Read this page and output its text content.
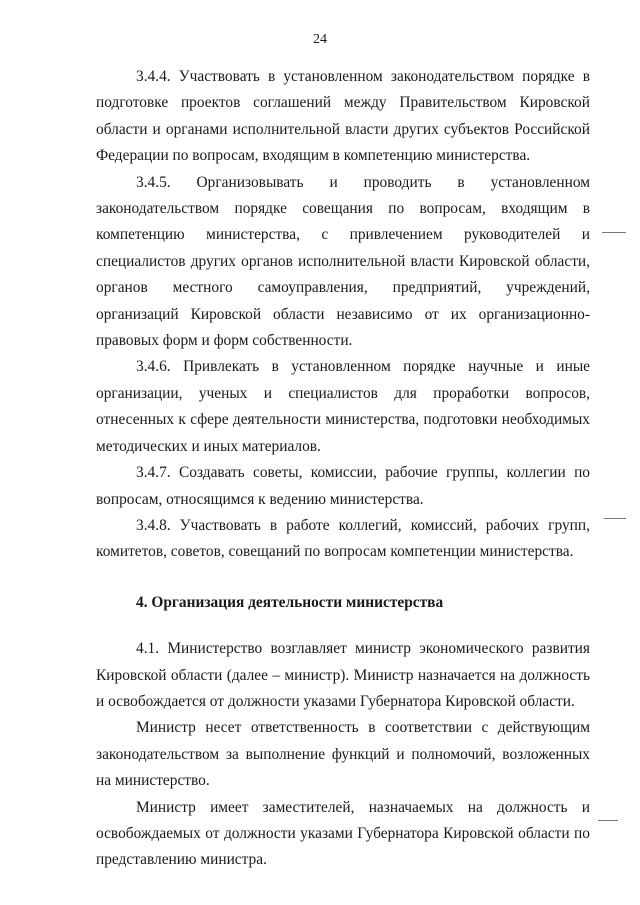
24

3.4.4. Участвовать в установленном законодательством порядке в подготовке проектов соглашений между Правительством Кировской области и органами исполнительной власти других субъектов Российской Федерации по вопросам, входящим в компетенцию министерства.

3.4.5. Организовывать и проводить в установленном законодательством порядке совещания по вопросам, входящим в компетенцию министерства, с привлечением руководителей и специалистов других органов исполнительной власти Кировской области, органов местного самоуправления, предприятий, учреждений, организаций Кировской области независимо от их организационно-правовых форм и форм собственности.

3.4.6. Привлекать в установленном порядке научные и иные организации, ученых и специалистов для проработки вопросов, отнесенных к сфере деятельности министерства, подготовки необходимых методических и иных материалов.

3.4.7. Создавать советы, комиссии, рабочие группы, коллегии по вопросам, относящимся к ведению министерства.

3.4.8. Участвовать в работе коллегий, комиссий, рабочих групп, комитетов, советов, совещаний по вопросам компетенции министерства.

4. Организация деятельности министерства

4.1. Министерство возглавляет министр экономического развития Кировской области (далее – министр). Министр назначается на должность и освобождается от должности указами Губернатора Кировской области.

Министр несет ответственность в соответствии с действующим законодательством за выполнение функций и полномочий, возложенных на министерство.

Министр имеет заместителей, назначаемых на должность и освобождаемых от должности указами Губернатора Кировской области по представлению министра.
